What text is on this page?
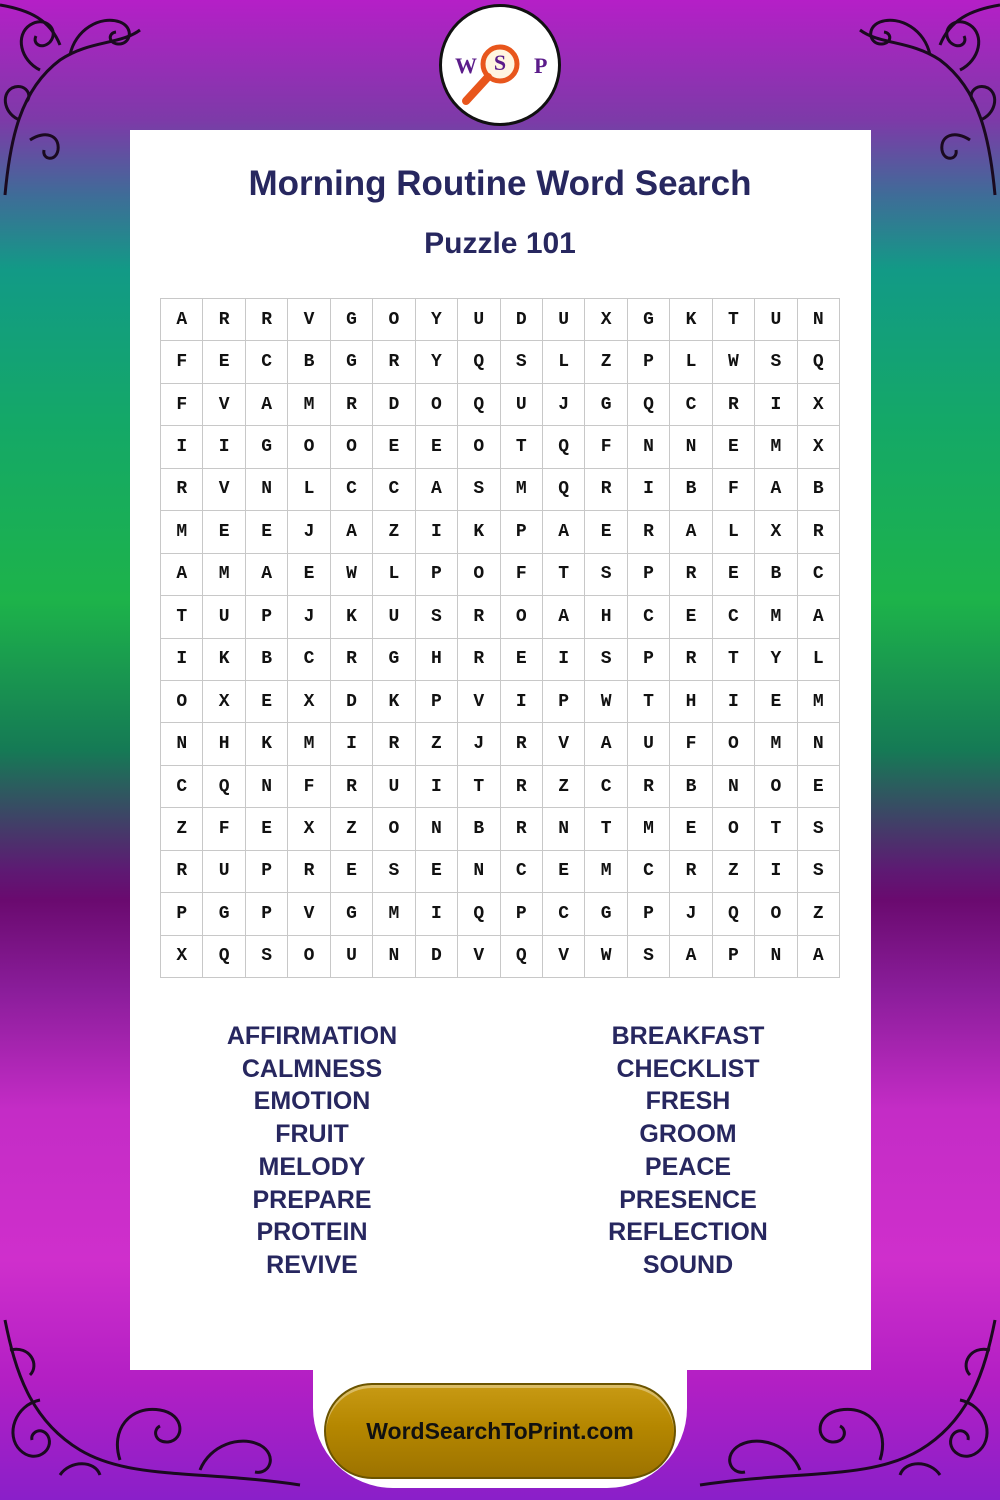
W S P
Morning Routine Word Search
Puzzle 101
A	R	R	V	G	O	Y	U	D	U	X	G	K	T	U	N
F	E	C	B	G	R	Y	Q	S	L	Z	P	L	W	S	Q
F	V	A	M	R	D	O	Q	U	J	G	Q	C	R	I	X
I	I	G	O	O	E	E	O	T	Q	F	N	N	E	M	X
R	V	N	L	C	C	A	S	M	Q	R	I	B	F	A	B
M	E	E	J	A	Z	I	K	P	A	E	R	A	L	X	R
A	M	A	E	W	L	P	O	F	T	S	P	R	E	B	C
T	U	P	J	K	U	S	R	O	A	H	C	E	C	M	A
I	K	B	C	R	G	H	R	E	I	S	P	R	T	Y	L
O	X	E	X	D	K	P	V	I	P	W	T	H	I	E	M
N	H	K	M	I	R	Z	J	R	V	A	U	F	O	M	N
C	Q	N	F	R	U	I	T	R	Z	C	R	B	N	O	E
Z	F	E	X	Z	O	N	B	R	N	T	M	E	O	T	S
R	U	P	R	E	S	E	N	C	E	M	C	R	Z	I	S
P	G	P	V	G	M	I	Q	P	C	G	P	J	Q	O	Z
X	Q	S	O	U	N	D	V	Q	V	W	S	A	P	N	A
AFFIRMATION
CALMNESS
EMOTION
FRUIT
MELODY
PREPARE
PROTEIN
REVIVE
BREAKFAST
CHECKLIST
FRESH
GROOM
PEACE
PRESENCE
REFLECTION
SOUND
WordSearchToPrint.com
